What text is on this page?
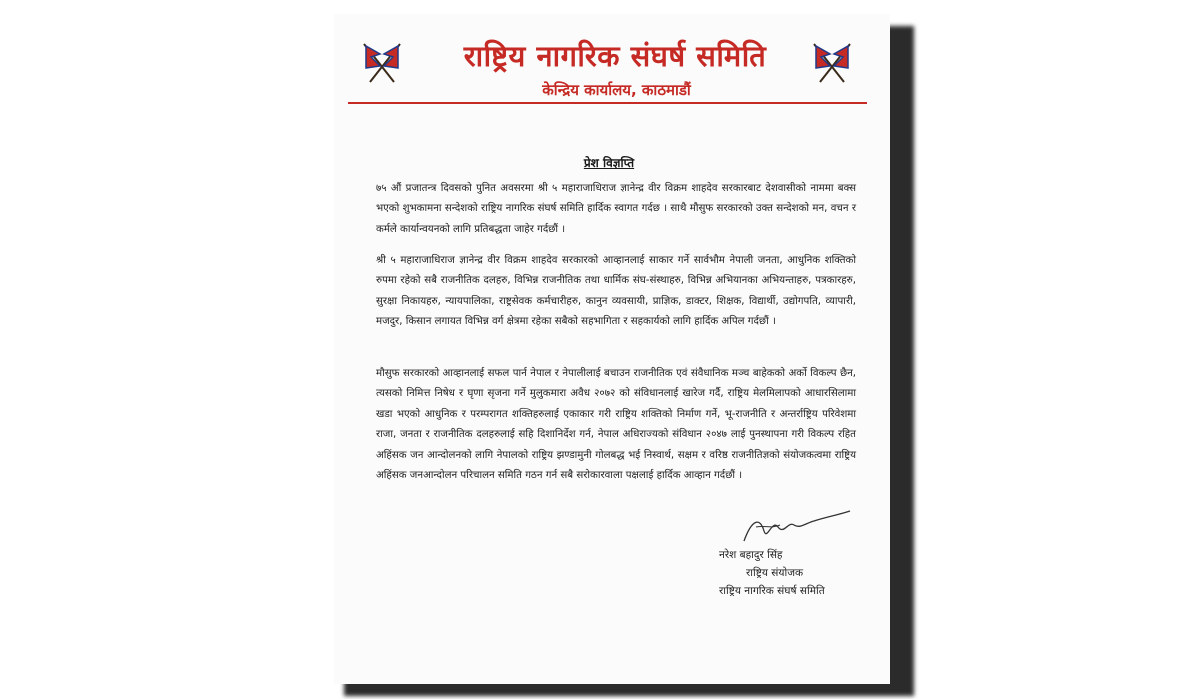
राष्ट्रिय नागरिक संघर्ष समिति
केन्द्रिय कार्यालय, काठमाडौं
प्रेश विज्ञप्ति
७५ औं प्रजातन्त्र दिवसको पुनित अवसरमा श्री ५ महाराजाधिराज ज्ञानेन्द्र वीर विक्रम शाहदेव सरकारबाट देशवासीको नाममा बक्स भएको शुभकामना सन्देशको राष्ट्रिय नागरिक संघर्ष समिति हार्दिक स्वागत गर्दछ । साथै मौसुफ सरकारको उक्त सन्देशको मन, वचन र कर्मले कार्यान्वयनको लागि प्रतिबद्धता जाहेर गर्दछौं ।
श्री ५ महाराजाधिराज ज्ञानेन्द्र वीर विक्रम शाहदेव सरकारको आव्हानलाई साकार गर्ने सार्वभौम नेपाली जनता, आधुनिक शक्तिको रुपमा रहेको सबै राजनीतिक दलहरु, विभिन्न राजनीतिक तथा धार्मिक संघ-संस्थाहरु, विभिन्न अभियानका अभियन्ताहरु, पत्रकारहरु, सुरक्षा निकायहरु, न्यायपालिका, राष्ट्रसेवक कर्मचारीहरु, कानुन व्यवसायी, प्राज्ञिक, डाक्टर, शिक्षक, विद्यार्थी, उद्योगपति, व्यापारी, मजदुर, किसान लगायत विभिन्न वर्ग क्षेत्रमा रहेका सबैको सहभागिता र सहकार्यको लागि हार्दिक अपिल गर्दछौं ।
मौसुफ सरकारको आव्हानलाई सफल पार्न नेपाल र नेपालीलाई बचाउन राजनीतिक एवं संवैधानिक मञ्च बाहेकको अर्को विकल्प छैन, त्यसको निमित्त निषेध र घृणा सृजना गर्ने मुलुकमारा अवैध २०७२ को संविधानलाई खारेज गर्दै, राष्ट्रिय मेलमिलापको आधारसिलामा खडा भएको आधुनिक र परम्परागत शक्तिहरुलाई एकाकार गरी राष्ट्रिय शक्तिको निर्माण गर्ने, भू-राजनीति र अन्तर्राष्ट्रिय परिवेशमा राजा, जनता र राजनीतिक दलहरुलाई सहि दिशानिर्देश गर्न, नेपाल अधिराज्यको संविधान २०४७ लाई पुनस्थापना गरी विकल्प रहित अहिंसक जन आन्दोलनको लागि नेपालको राष्ट्रिय झण्डामुनी गोलबद्ध भई निस्वार्थ, सक्षम र वरिष्ठ राजनीतिज्ञको संयोजकत्वमा राष्ट्रिय अहिंसक जनआन्दोलन परिचालन समिति गठन गर्न सबै सरोकारवाला पक्षलाई हार्दिक आव्हान गर्दछौं ।
नरेश बहादुर सिंह
राष्ट्रिय संयोजक
राष्ट्रिय नागरिक संघर्ष समिति
